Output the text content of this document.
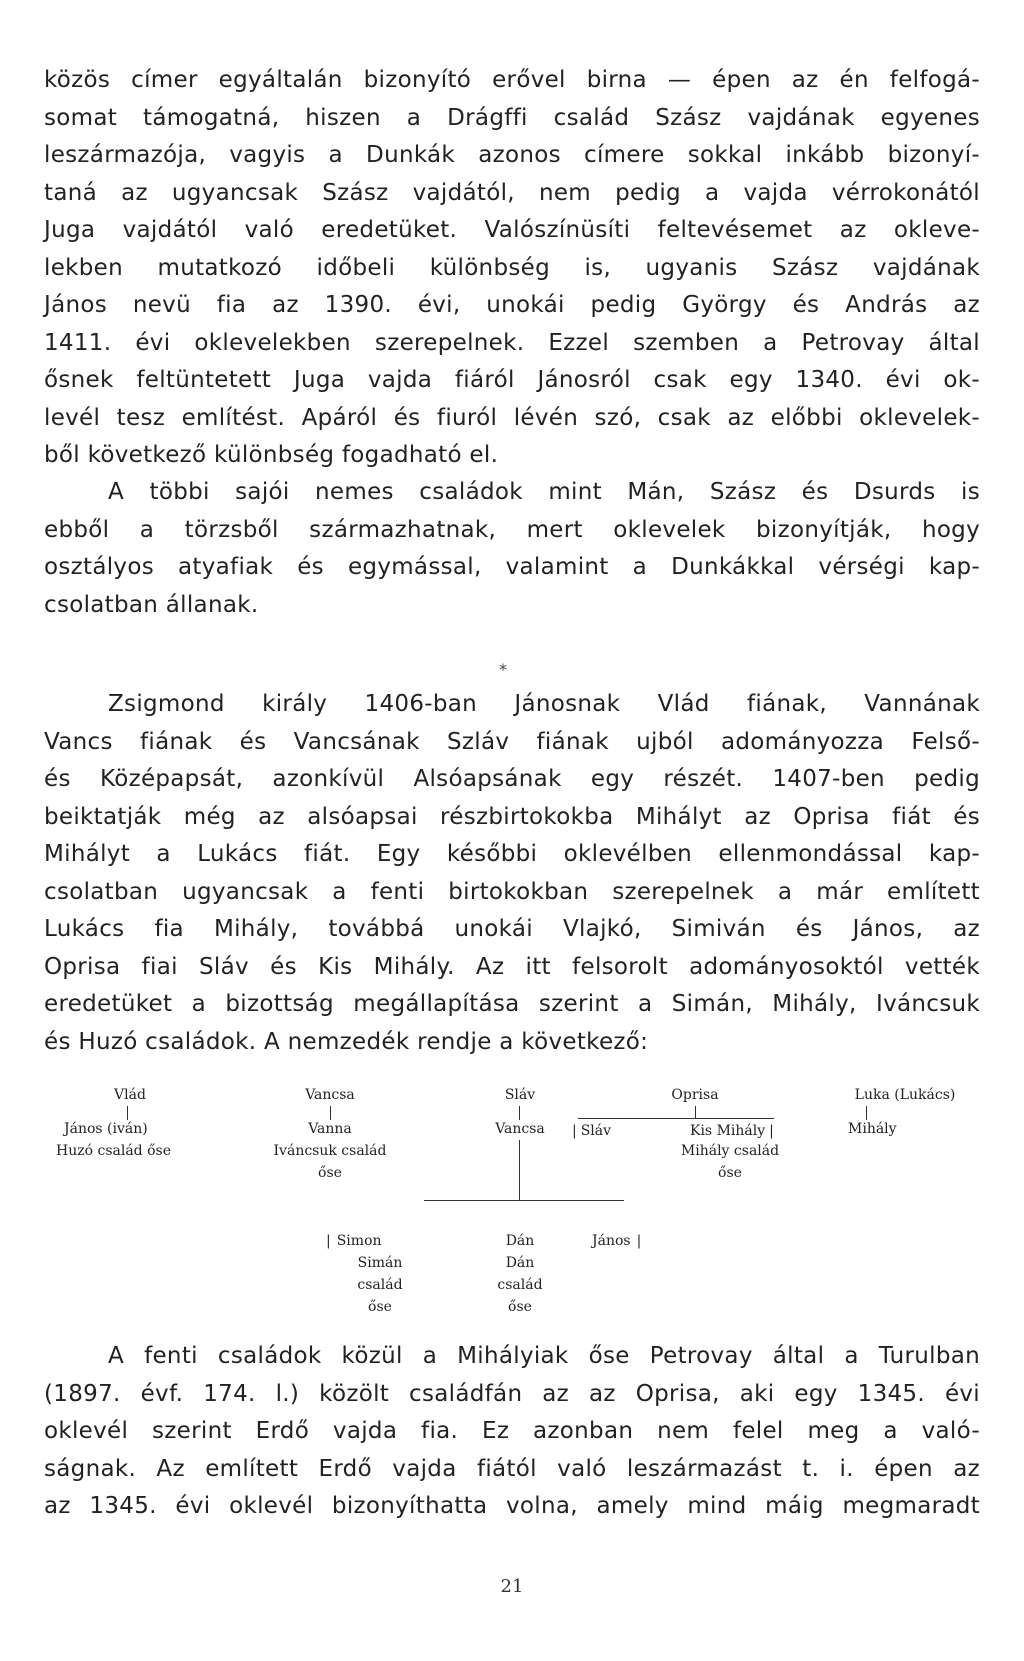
közös címer egyáltalán bizonyító erővel birna — épen az én felfogá-
somat támogatná, hiszen a Drágffi család Szász vajdának egyenes
leszármazója, vagyis a Dunkák azonos címere sokkal inkább bizonyí-
taná az ugyancsak Szász vajdától, nem pedig a vajda vérrokonától
Juga vajdától való eredetüket. Valószínüsíti feltevésemet az okleve-
lekben mutatkozó időbeli különbség is, ugyanis Szász vajdának
János nevü fia az 1390. évi, unokái pedig György és András az
1411. évi oklevelekben szerepelnek. Ezzel szemben a Petrovay által
ősnek feltüntetett Juga vajda fiáról Jánosról csak egy 1340. évi ok-
levél tesz említést. Apáról és fiuról lévén szó, csak az előbbi oklevelek-
ből következő különbség fogadható el.
A többi sajói nemes családok mint Mán, Szász és Dsurds is
ebből a törzsből származhatnak, mert oklevelek bizonyítják, hogy
osztályos atyafiak és egymással, valamint a Dunkákkal vérségi kap-
csolatban állanak.
*
Zsigmond király 1406-ban Jánosnak Vlád fiának, Vannának
Vancs fiának és Vancsának Szláv fiának ujból adományozza Felső-
és Középapsát, azonkívül Alsóapsának egy részét. 1407-ben pedig
beiktatják még az alsóapsai részbirtokokba Mihályt az Oprisa fiát és
Mihályt a Lukács fiát. Egy későbbi oklevélben ellenmondással kap-
csolatban ugyancsak a fenti birtokokban szerepelnek a már említett
Lukács fia Mihály, továbbá unokái Vlajkó, Simiván és János, az
Oprisa fiai Sláv és Kis Mihály. Az itt felsorolt adományosoktól vették
eredetüket a bizottság megállapítása szerint a Simán, Mihály, Iváncsuk
és Huzó családok. A nemzedék rendje a következő:
Vlád
János (iván)
Huzó család őse
Vancsa
Vanna
Iváncsuk család
őse
Sláv
Vancsa
Oprisa
| Sláv	Kis Mihály |
Mihály család
őse
Luka (Lukács)
Mihály
| Simon
Simán
család
őse
Dán
Dán
család
őse
János |
A fenti családok közül a Mihályiak őse Petrovay által a Turulban
(1897. évf. 174. l.) közölt családfán az az Oprisa, aki egy 1345. évi
oklevél szerint Erdő vajda fia. Ez azonban nem felel meg a való-
ságnak. Az említett Erdő vajda fiától való leszármazást t. i. épen az
az 1345. évi oklevél bizonyíthatta volna, amely mind máig megmaradt
21
